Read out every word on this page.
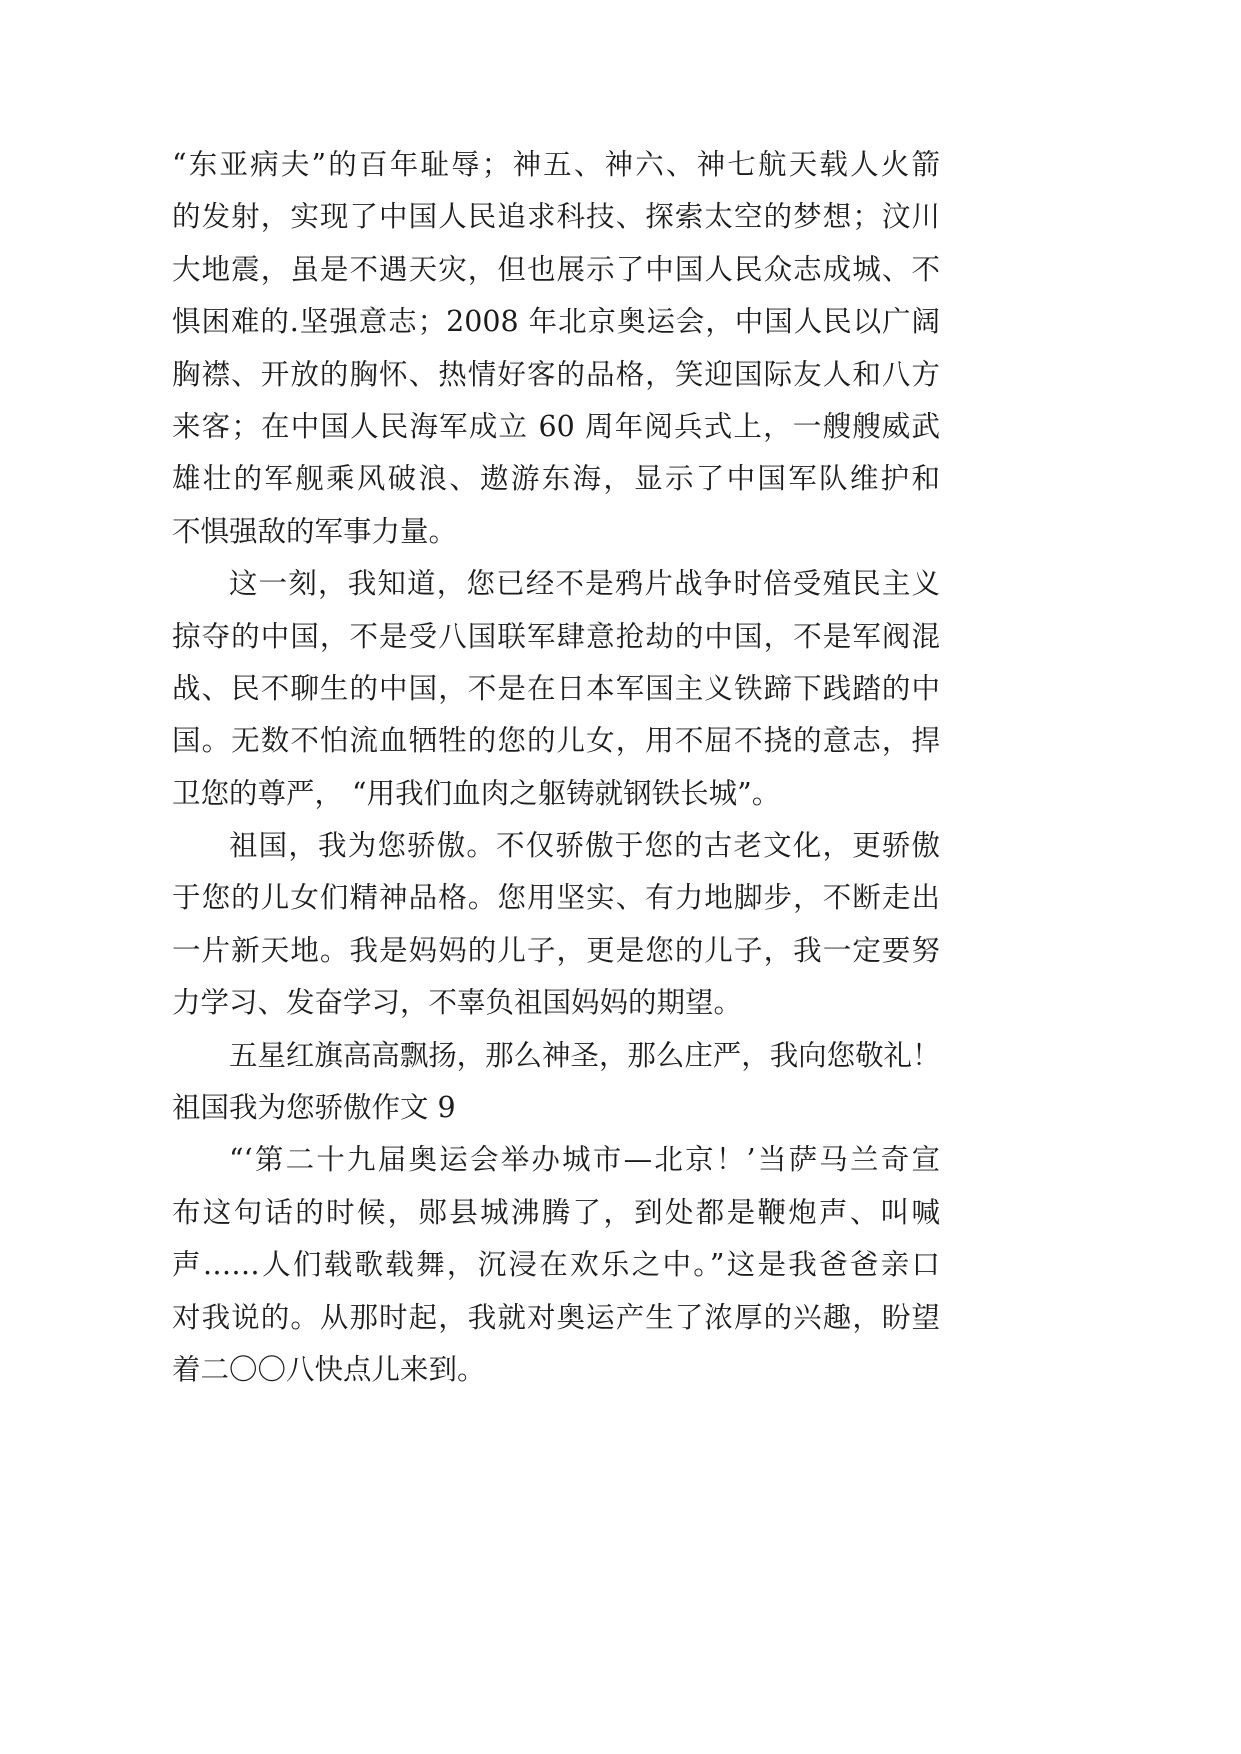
“东亚病夫”的百年耻辱；神五、神六、神七航天载人火箭
的发射，实现了中国人民追求科技、探索太空的梦想；汶川
大地震，虽是不遇天灾，但也展示了中国人民众志成城、不
惧困难的.坚强意志；2008 年北京奥运会，中国人民以广阔
胸襟、开放的胸怀、热情好客的品格，笑迎国际友人和八方
来客；在中国人民海军成立 60 周年阅兵式上，一艘艘威武
雄壮的军舰乘风破浪、遨游东海，显示了中国军队维护和
不惧强敌的军事力量。
这一刻，我知道，您已经不是鸦片战争时倍受殖民主义
掠夺的中国，不是受八国联军肆意抢劫的中国，不是军阀混
战、民不聊生的中国，不是在日本军国主义铁蹄下践踏的中
国。无数不怕流血牺牲的您的儿女，用不屈不挠的意志，捍
卫您的尊严， “用我们血肉之躯铸就钢铁长城”。
祖国，我为您骄傲。不仅骄傲于您的古老文化，更骄傲
于您的儿女们精神品格。您用坚实、有力地脚步，不断走出
一片新天地。我是妈妈的儿子，更是您的儿子，我一定要努
力学习、发奋学习，不辜负祖国妈妈的期望。
五星红旗高高飘扬，那么神圣，那么庄严，我向您敬礼！
祖国我为您骄傲作文 9
“‘第二十九届奥运会举办城市—北京！’当萨马兰奇宣
布这句话的时候，郧县城沸腾了，到处都是鞭炮声、叫喊
声……人们载歌载舞，沉浸在欢乐之中。”这是我爸爸亲口
对我说的。从那时起，我就对奥运产生了浓厚的兴趣，盼望
着二〇〇八快点儿来到。
